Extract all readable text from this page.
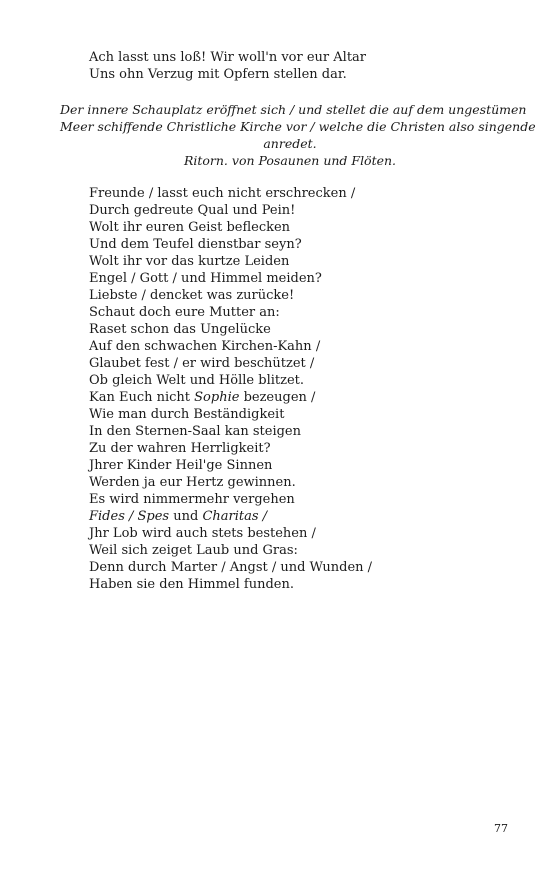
Ach lasst uns loß! Wir woll'n vor eur Altar
Uns ohn Verzug mit Opfern stellen dar.
Der innere Schauplatz eröffnet sich / und stellet die auf dem ungestümen
Meer schiffende Christliche Kirche vor / welche die Christen also singende
anredet.
Ritorn. von Posaunen und Flöten.
Freunde / lasst euch nicht erschrecken /
Durch gedreute Qual und Pein!
Wolt ihr euren Geist beflecken
Und dem Teufel dienstbar seyn?
Wolt ihr vor das kurtze Leiden
Engel / Gott / und Himmel meiden?
Liebste / dencket was zurücke!
Schaut doch eure Mutter an:
Raset schon das Ungelücke
Auf den schwachen Kirchen-Kahn /
Glaubet fest / er wird beschützet /
Ob gleich Welt und Hölle blitzet.
Kan Euch nicht Sophie bezeugen /
Wie man durch Beständigkeit
In den Sternen-Saal kan steigen
Zu der wahren Herrligkeit?
Jhrer Kinder Heil'ge Sinnen
Werden ja eur Hertz gewinnen.
Es wird nimmermehr vergehen
Fides / Spes und Charitas /
Jhr Lob wird auch stets bestehen /
Weil sich zeiget Laub und Gras:
Denn durch Marter / Angst / und Wunden /
Haben sie den Himmel funden.
77
